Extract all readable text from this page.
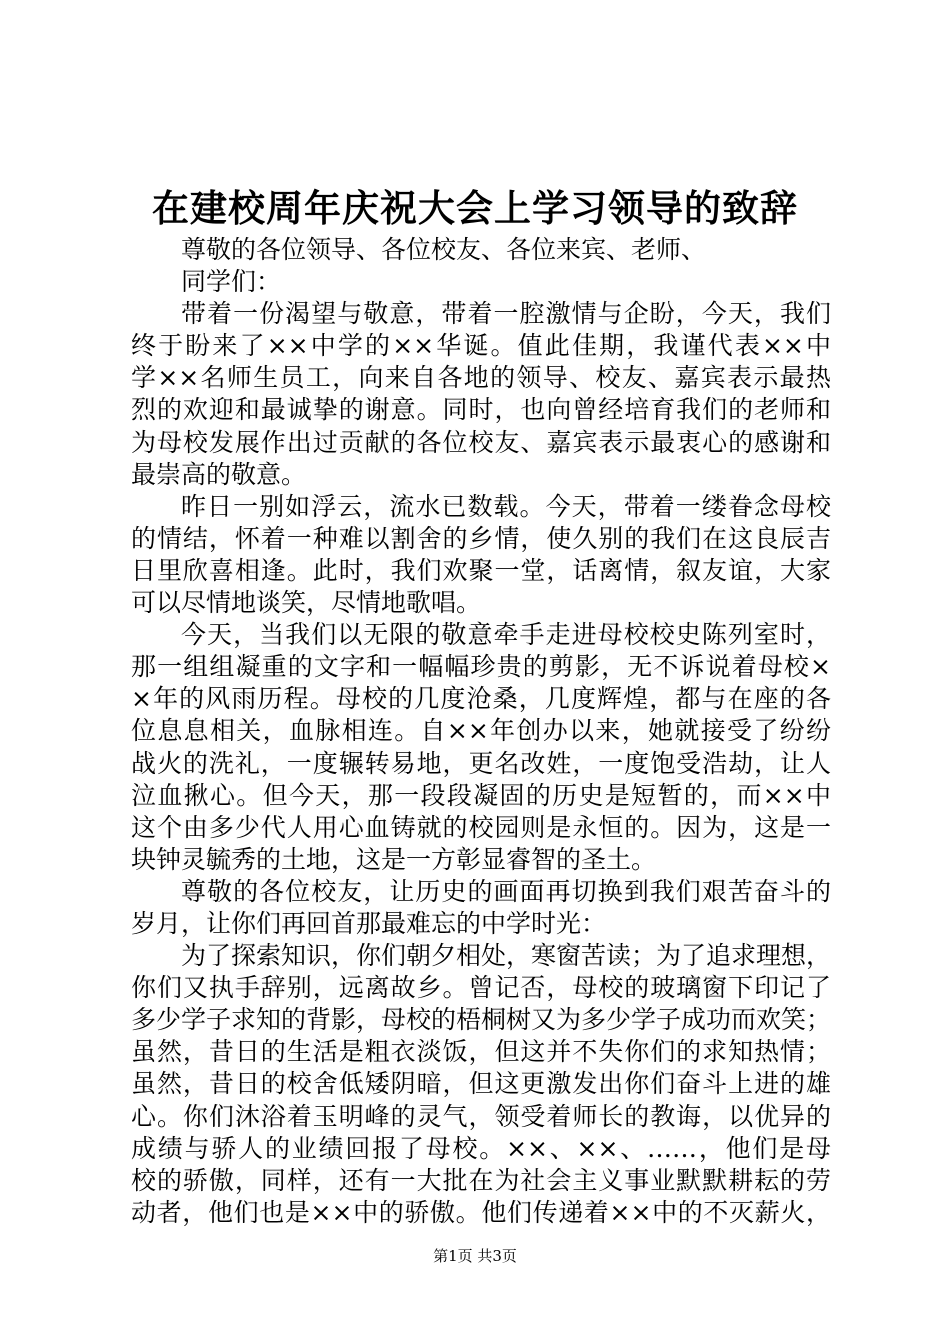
在建校周年庆祝大会上学习领导的致辞
尊敬的各位领导、各位校友、各位来宾、老师、
同学们：
带着一份渴望与敬意，带着一腔激情与企盼，今天，我们
终于盼来了××中学的××华诞。值此佳期，我谨代表××中
学××名师生员工，向来自各地的领导、校友、嘉宾表示最热
烈的欢迎和最诚挚的谢意。同时，也向曾经培育我们的老师和
为母校发展作出过贡献的各位校友、嘉宾表示最衷心的感谢和
最崇高的敬意。
昨日一别如浮云，流水已数载。今天，带着一缕眷念母校
的情结，怀着一种难以割舍的乡情，使久别的我们在这良辰吉
日里欣喜相逢。此时，我们欢聚一堂，话离情，叙友谊，大家
可以尽情地谈笑，尽情地歌唱。
今天，当我们以无限的敬意牵手走进母校校史陈列室时，
那一组组凝重的文字和一幅幅珍贵的剪影，无不诉说着母校×
×年的风雨历程。母校的几度沧桑，几度辉煌，都与在座的各
位息息相关，血脉相连。自××年创办以来，她就接受了纷纷
战火的洗礼，一度辗转易地，更名改姓，一度饱受浩劫，让人
泣血揪心。但今天，那一段段凝固的历史是短暂的，而××中
这个由多少代人用心血铸就的校园则是永恒的。因为，这是一
块钟灵毓秀的土地，这是一方彰显睿智的圣土。
尊敬的各位校友，让历史的画面再切换到我们艰苦奋斗的
岁月，让你们再回首那最难忘的中学时光：
为了探索知识，你们朝夕相处，寒窗苦读；为了追求理想，
你们又执手辞别，远离故乡。曾记否，母校的玻璃窗下印记了
多少学子求知的背影，母校的梧桐树又为多少学子成功而欢笑；
虽然，昔日的生活是粗衣淡饭，但这并不失你们的求知热情；
虽然，昔日的校舍低矮阴暗，但这更激发出你们奋斗上进的雄
心。你们沐浴着玉明峰的灵气，领受着师长的教诲，以优异的
成绩与骄人的业绩回报了母校。××、××、……，他们是母
校的骄傲，同样，还有一大批在为社会主义事业默默耕耘的劳
动者，他们也是××中的骄傲。他们传递着××中的不灭薪火，
第1页 共3页
